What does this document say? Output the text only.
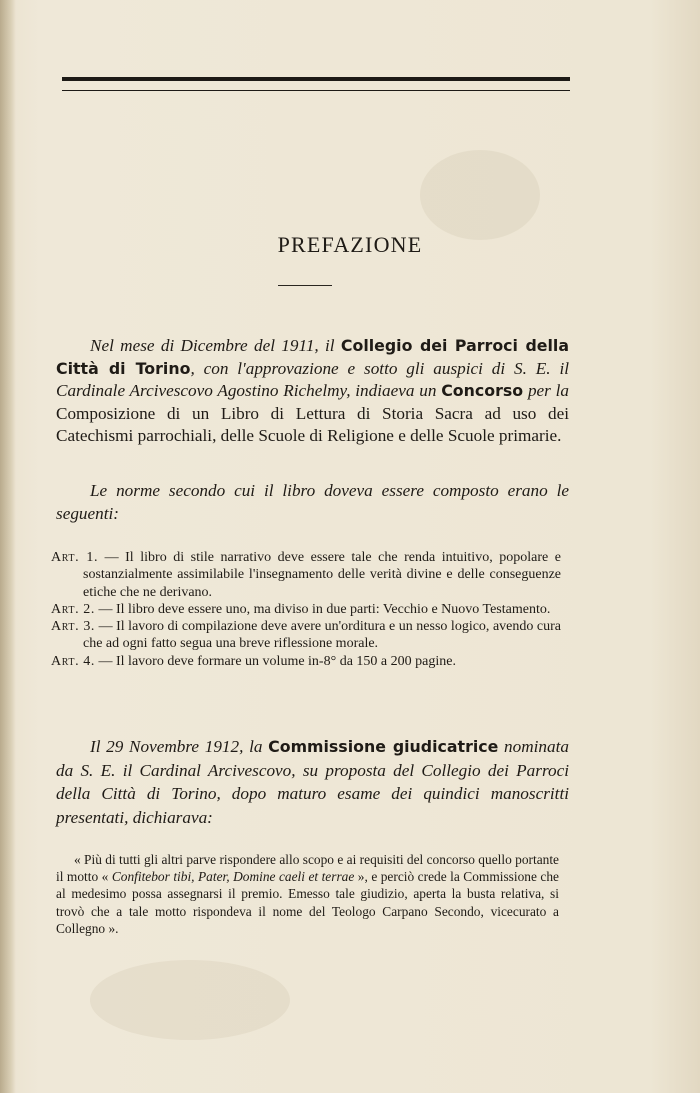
PREFAZIONE

Nel mese di Dicembre del 1911, il Collegio dei Parroci della Città di Torino, con l'approvazione e sotto gli auspici di S. E. il Cardinale Arcivescovo Agostino Richelmy, indiaeva un Concorso per la Composizione di un Libro di Lettura di Storia Sacra ad uso dei Catechismi parrochiali, delle Scuole di Religione e delle Scuole primarie.

Le norme secondo cui il libro doveva essere composto erano le seguenti:

Art. 1. — Il libro di stile narrativo deve essere tale che renda intuitivo, popolare e sostanzialmente assimilabile l'insegnamento delle verità divine e delle conseguenze etiche che ne derivano.

Art. 2. — Il libro deve essere uno, ma diviso in due parti: Vecchio e Nuovo Testamento.

Art. 3. — Il lavoro di compilazione deve avere un'orditura e un nesso logico, avendo cura che ad ogni fatto segua una breve riflessione morale.

Art. 4. — Il lavoro deve formare un volume in-8° da 150 a 200 pagine.

Il 29 Novembre 1912, la Commissione giudicatrice nominata da S. E. il Cardinal Arcivescovo, su proposta del Collegio dei Parroci della Città di Torino, dopo maturo esame dei quindici manoscritti presentati, dichiarava:

« Più di tutti gli altri parve rispondere allo scopo e ai requisiti del concorso quello portante il motto « Confitebor tibi, Pater, Domine caeli et terrae », e perciò crede la Commissione che al medesimo possa assegnarsi il premio. Emesso tale giudizio, aperta la busta relativa, si trovò che a tale motto rispondeva il nome del Teologo Carpano Secondo, vicecurato a Collegno ».
